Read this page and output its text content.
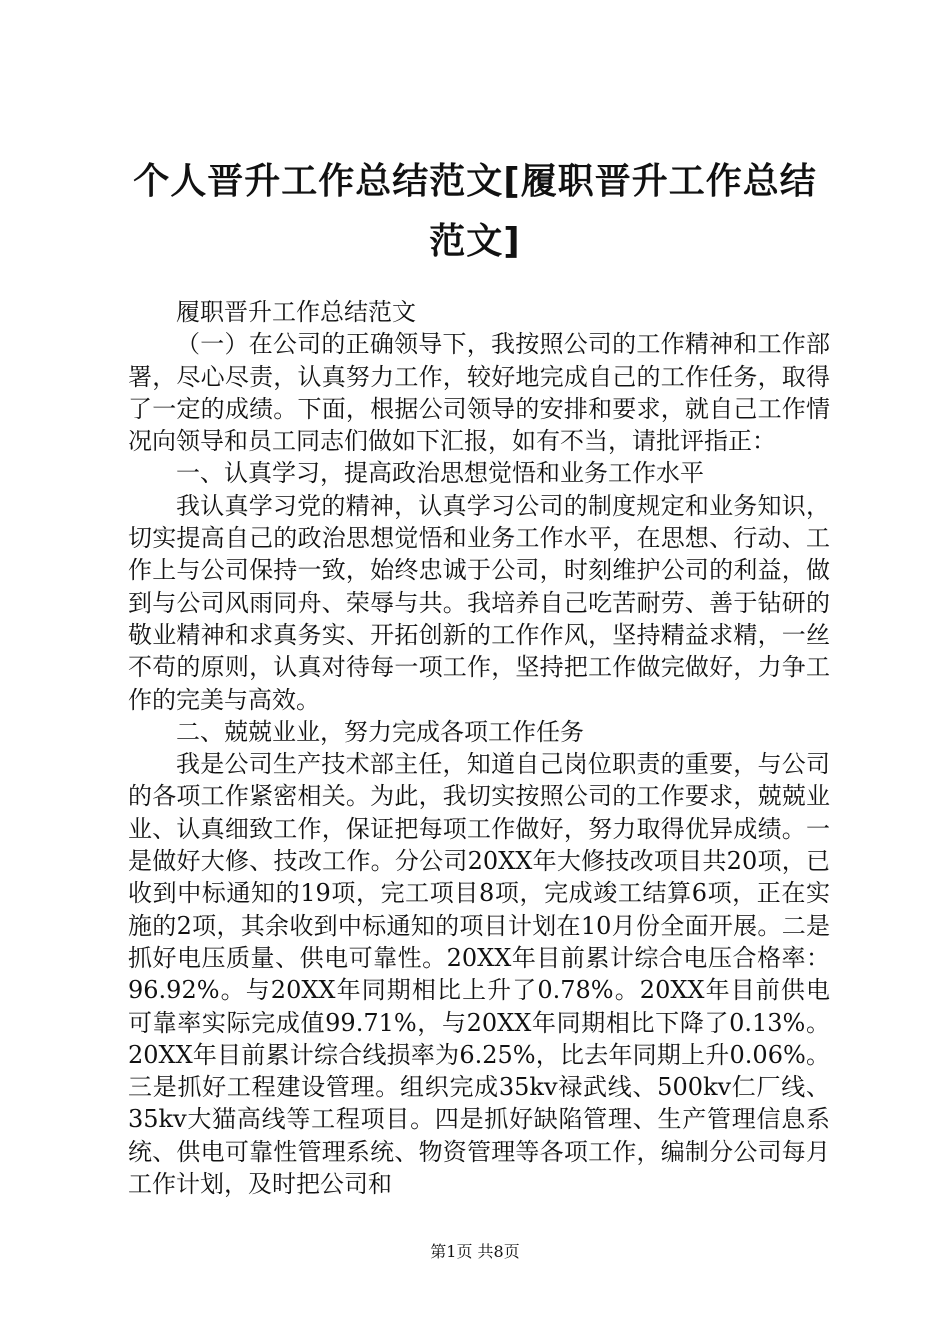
个人晋升工作总结范文[履职晋升工作总结范文]

履职晋升工作总结范文

（一）在公司的正确领导下，我按照公司的工作精神和工作部署，尽心尽责，认真努力工作，较好地完成自己的工作任务，取得了一定的成绩。下面，根据公司领导的安排和要求，就自己工作情况向领导和员工同志们做如下汇报，如有不当，请批评指正：

一、认真学习，提高政治思想觉悟和业务工作水平

我认真学习党的精神，认真学习公司的制度规定和业务知识，切实提高自己的政治思想觉悟和业务工作水平，在思想、行动、工作上与公司保持一致，始终忠诚于公司，时刻维护公司的利益，做到与公司风雨同舟、荣辱与共。我培养自己吃苦耐劳、善于钻研的敬业精神和求真务实、开拓创新的工作作风，坚持精益求精，一丝不苟的原则，认真对待每一项工作，坚持把工作做完做好，力争工作的完美与高效。

二、兢兢业业，努力完成各项工作任务

我是公司生产技术部主任，知道自己岗位职责的重要，与公司的各项工作紧密相关。为此，我切实按照公司的工作要求，兢兢业业、认真细致工作，保证把每项工作做好，努力取得优异成绩。一是做好大修、技改工作。分公司20XX年大修技改项目共20项，已收到中标通知的19项，完工项目8项，完成竣工结算6项，正在实施的2项，其余收到中标通知的项目计划在10月份全面开展。二是抓好电压质量、供电可靠性。20XX年目前累计综合电压合格率：96.92%。与20XX年同期相比上升了0.78%。20XX年目前供电可靠率实际完成值99.71%，与20XX年同期相比下降了0.13%。20XX年目前累计综合线损率为6.25%，比去年同期上升0.06%。三是抓好工程建设管理。组织完成35kv禄武线、500kv仁厂线、35kv大猫高线等工程项目。四是抓好缺陷管理、生产管理信息系统、供电可靠性管理系统、物资管理等各项工作，编制分公司每月工作计划，及时把公司和

第1页 共8页
